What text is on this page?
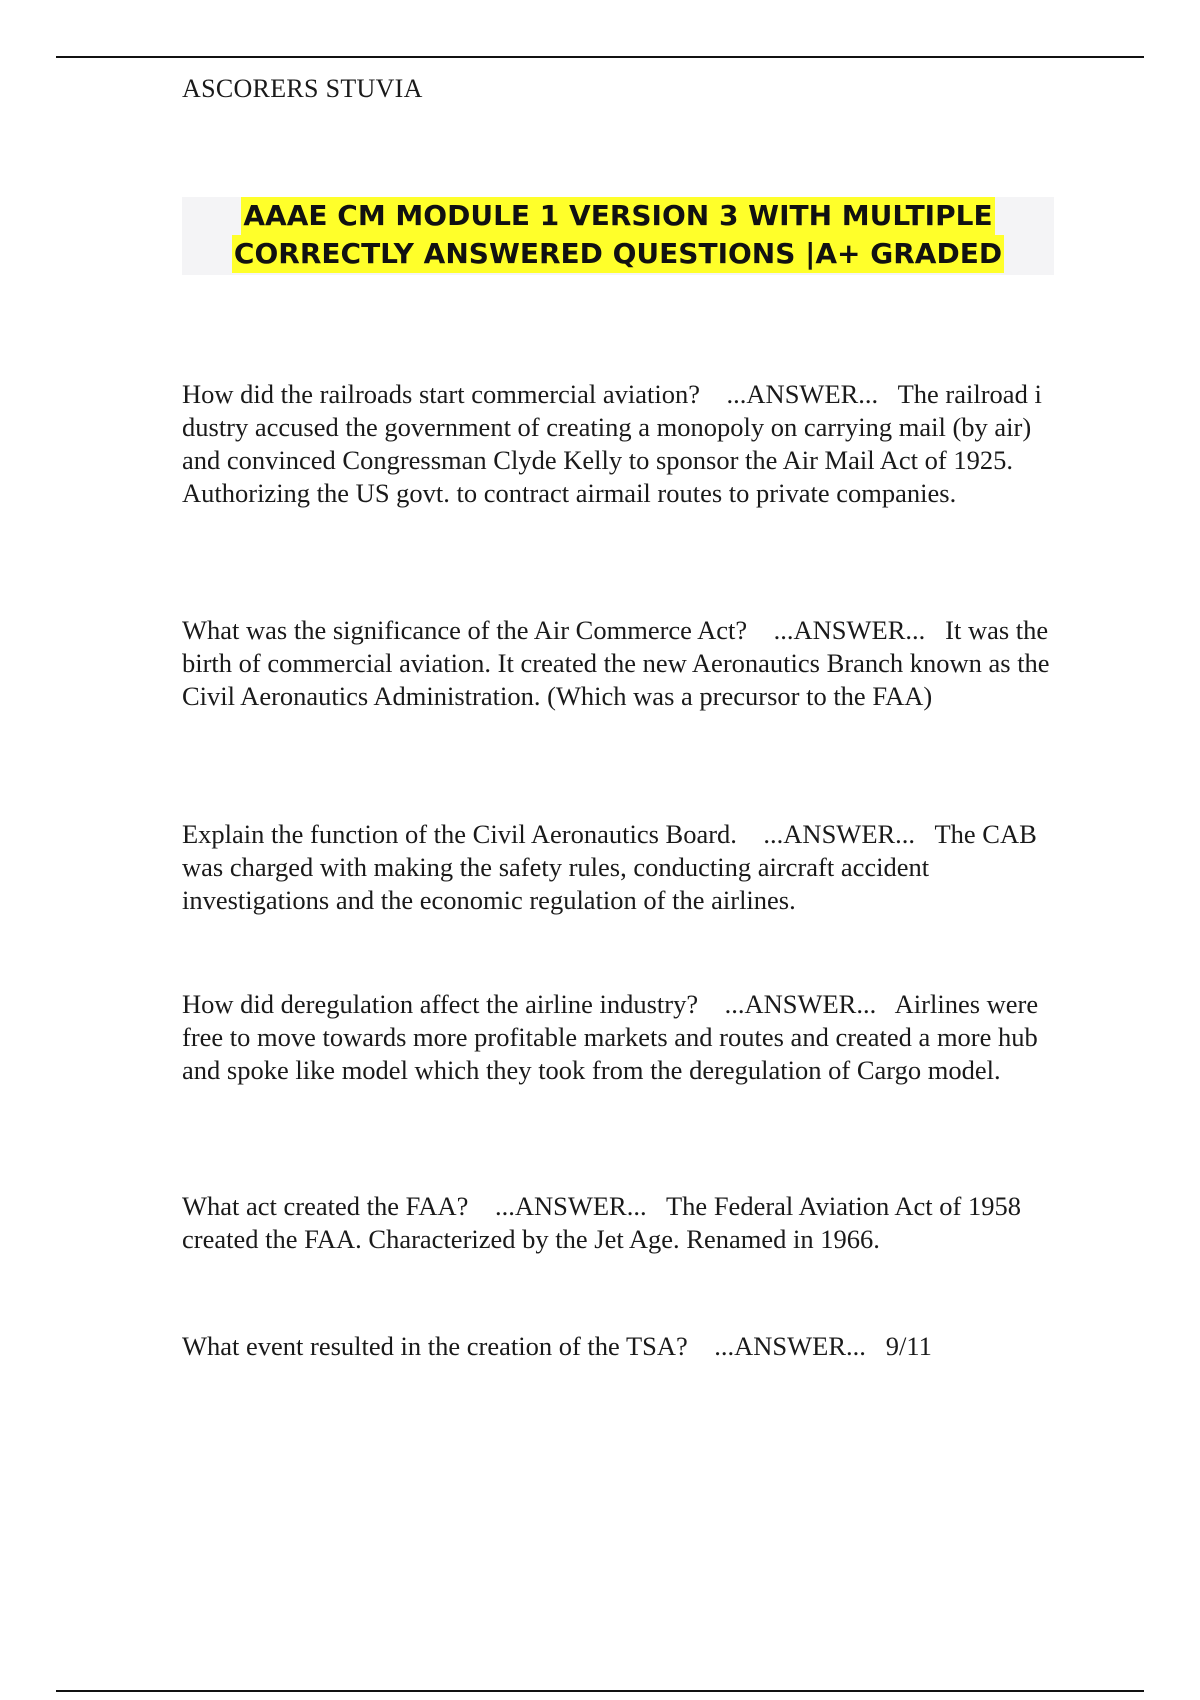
ASCORERS STUVIA
AAAE CM MODULE 1 VERSION 3 WITH MULTIPLE
CORRECTLY ANSWERED QUESTIONS |A+ GRADED

How did the railroads start commercial aviation? ...ANSWER... The railroad i dustry accused the government of creating a monopoly on carrying mail (by air) and convinced Congressman Clyde Kelly to sponsor the Air Mail Act of 1925. Authorizing the US govt. to contract airmail routes to private companies.

What was the significance of the Air Commerce Act? ...ANSWER... It was the birth of commercial aviation. It created the new Aeronautics Branch known as the Civil Aeronautics Administration. (Which was a precursor to the FAA)

Explain the function of the Civil Aeronautics Board. ...ANSWER... The CAB was charged with making the safety rules, conducting aircraft accident investigations and the economic regulation of the airlines.

How did deregulation affect the airline industry? ...ANSWER... Airlines were free to move towards more profitable markets and routes and created a more hub and spoke like model which they took from the deregulation of Cargo model.

What act created the FAA? ...ANSWER... The Federal Aviation Act of 1958 created the FAA. Characterized by the Jet Age. Renamed in 1966.

What event resulted in the creation of the TSA? ...ANSWER... 9/11
